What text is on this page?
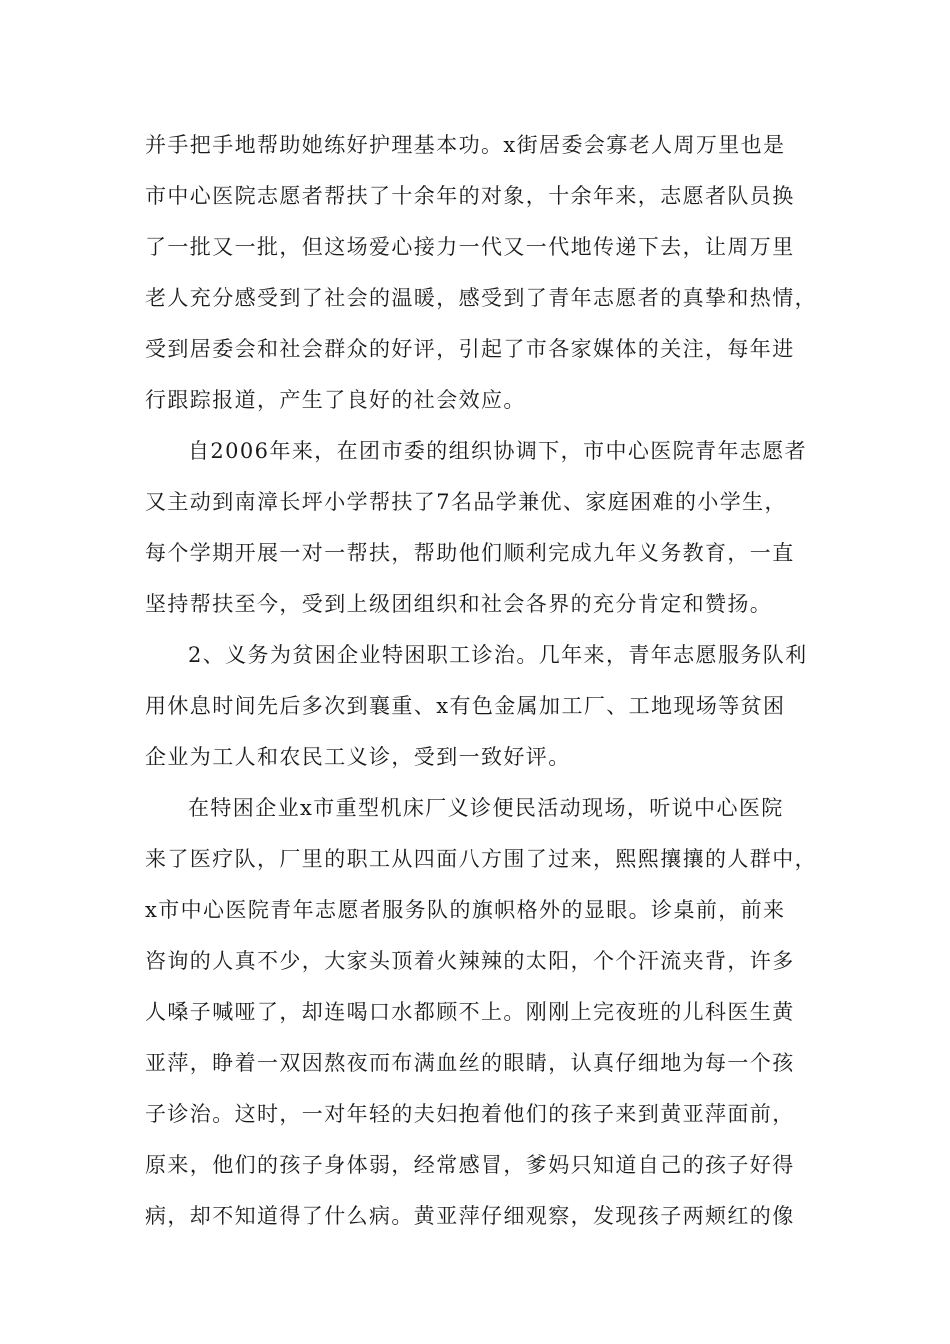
并手把手地帮助她练好护理基本功。x街居委会寡老人周万里也是
市中心医院志愿者帮扶了十余年的对象，十余年来，志愿者队员换
了一批又一批，但这场爱心接力一代又一代地传递下去，让周万里
老人充分感受到了社会的温暖，感受到了青年志愿者的真挚和热情，
受到居委会和社会群众的好评，引起了市各家媒体的关注，每年进
行跟踪报道，产生了良好的社会效应。
自2006年来，在团市委的组织协调下，市中心医院青年志愿者
又主动到南漳长坪小学帮扶了7名品学兼优、家庭困难的小学生，
每个学期开展一对一帮扶，帮助他们顺利完成九年义务教育，一直
坚持帮扶至今，受到上级团组织和社会各界的充分肯定和赞扬。
2、义务为贫困企业特困职工诊治。几年来，青年志愿服务队利
用休息时间先后多次到襄重、x有色金属加工厂、工地现场等贫困
企业为工人和农民工义诊，受到一致好评。
在特困企业x市重型机床厂义诊便民活动现场，听说中心医院
来了医疗队，厂里的职工从四面八方围了过来，熙熙攘攘的人群中，
x市中心医院青年志愿者服务队的旗帜格外的显眼。诊桌前，前来
咨询的人真不少，大家头顶着火辣辣的太阳，个个汗流夹背，许多
人嗓子喊哑了，却连喝口水都顾不上。刚刚上完夜班的儿科医生黄
亚萍，睁着一双因熬夜而布满血丝的眼睛，认真仔细地为每一个孩
子诊治。这时，一对年轻的夫妇抱着他们的孩子来到黄亚萍面前，
原来，他们的孩子身体弱，经常感冒，爹妈只知道自己的孩子好得
病，却不知道得了什么病。黄亚萍仔细观察，发现孩子两颊红的像
